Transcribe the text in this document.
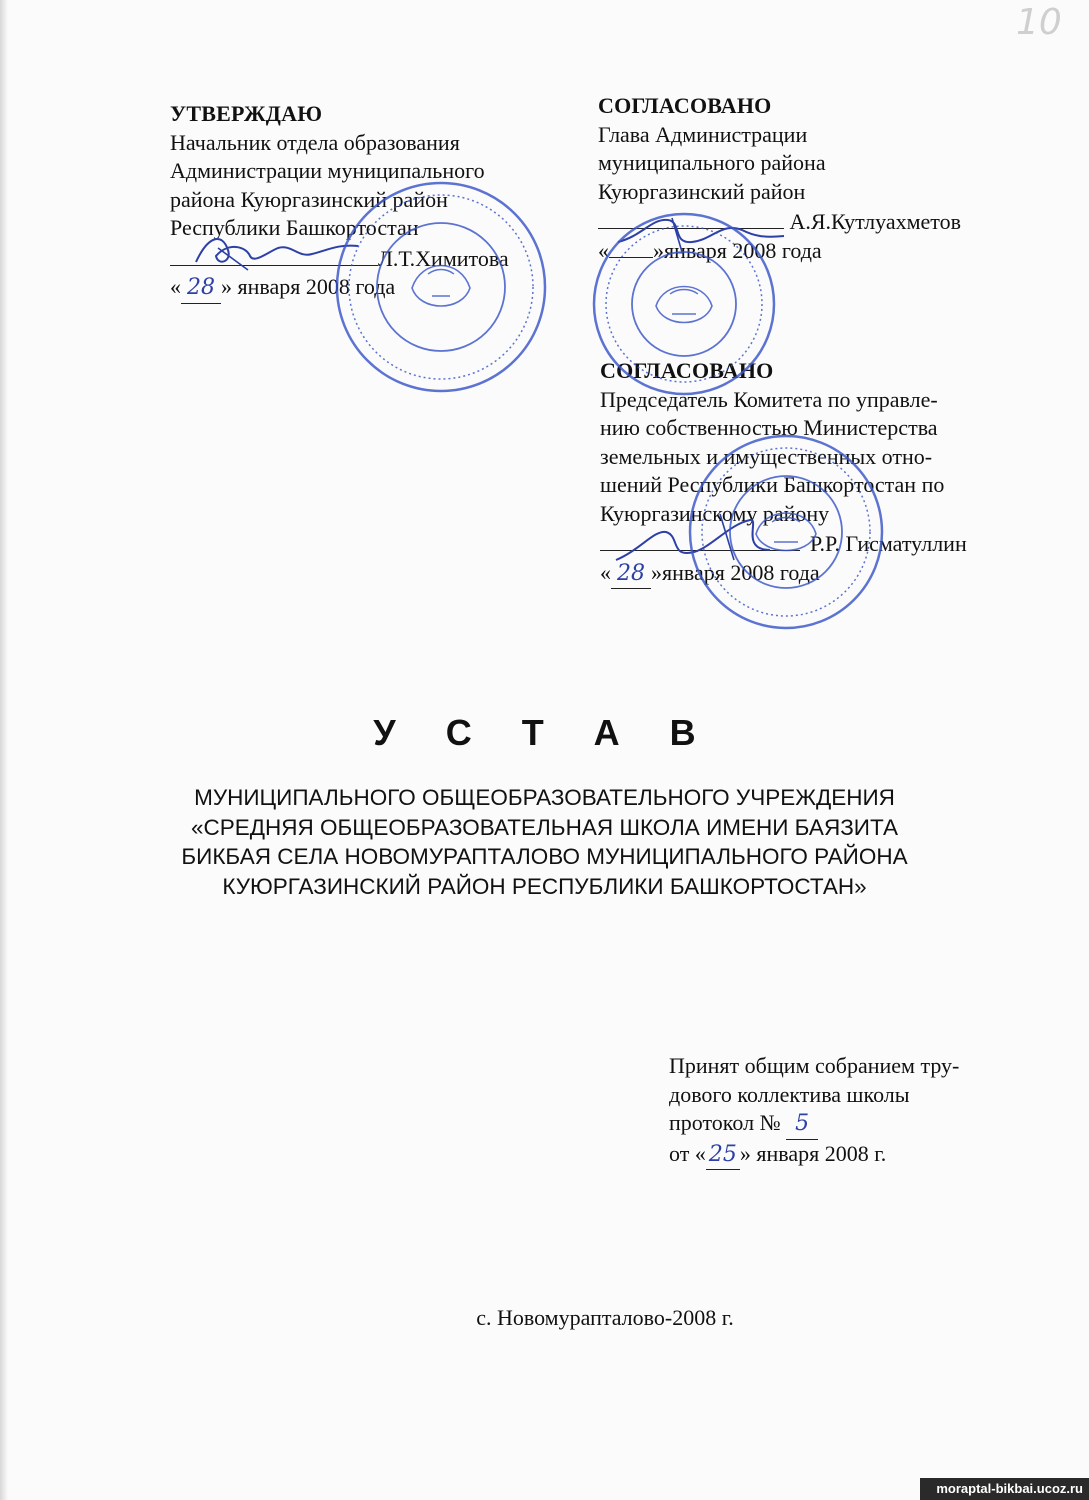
10
УТВЕРЖДАЮ
Начальник отдела образования
Администрации муниципального
района Куюргазинский район
Республики Башкортостан
Л.Т.Химитова
« 28 » января 2008 года
СОГЛАСОВАНО
Глава Администрации
муниципального района
Куюргазинский район
А.Я.Кутлуахметов
« »января 2008 года
СОГЛАСОВАНО
Председатель Комитета по управле-
нию собственностью Министерства
земельных и имущественных отно-
шений Республики Башкортостан по
Куюргазинскому району
Р.Р. Гисматуллин
« 28 »января 2008 года
У С Т А В
МУНИЦИПАЛЬНОГО ОБЩЕОБРАЗОВАТЕЛЬНОГО УЧРЕЖДЕНИЯ
«СРЕДНЯЯ ОБЩЕОБРАЗОВАТЕЛЬНАЯ ШКОЛА ИМЕНИ БАЯЗИТА
БИКБАЯ СЕЛА НОВОМУРАПТАЛОВО МУНИЦИПАЛЬНОГО РАЙОНА
КУЮРГАЗИНСКИЙ РАЙОН РЕСПУБЛИКИ БАШКОРТОСТАН»
Принят общим собранием тру-
дового коллектива школы
протокол № 5
от « 25 » января 2008 г.
с. Новомурапталово-2008 г.
moraptal-bikbai.ucoz.ru
